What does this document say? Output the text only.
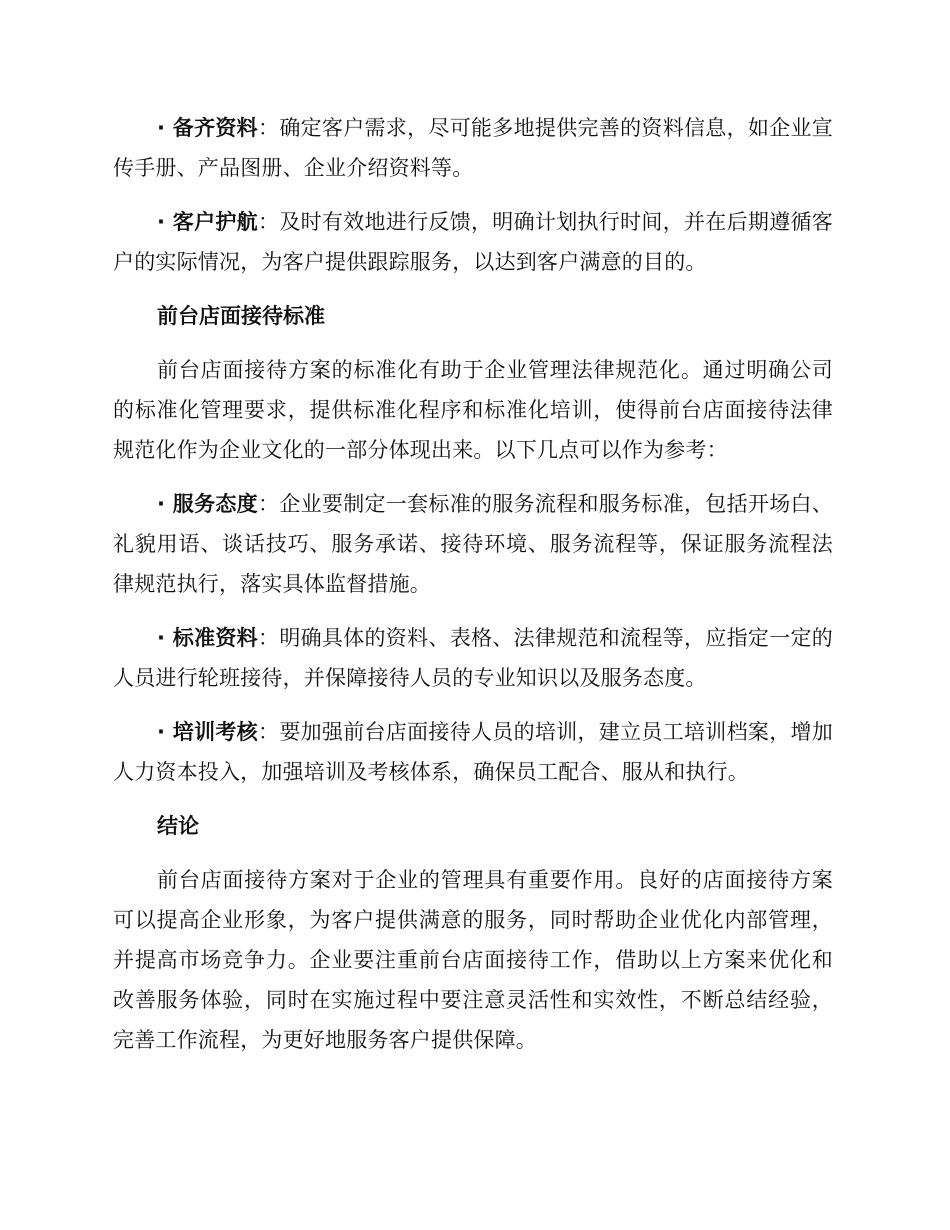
· 备齐资料：确定客户需求，尽可能多地提供完善的资料信息，如企业宣传手册、产品图册、企业介绍资料等。

· 客户护航：及时有效地进行反馈，明确计划执行时间，并在后期遵循客户的实际情况，为客户提供跟踪服务，以达到客户满意的目的。

前台店面接待标准

前台店面接待方案的标准化有助于企业管理法律规范化。通过明确公司的标准化管理要求，提供标准化程序和标准化培训，使得前台店面接待法律规范化作为企业文化的一部分体现出来。以下几点可以作为参考：

· 服务态度：企业要制定一套标准的服务流程和服务标准，包括开场白、礼貌用语、谈话技巧、服务承诺、接待环境、服务流程等，保证服务流程法律规范执行，落实具体监督措施。

· 标准资料：明确具体的资料、表格、法律规范和流程等，应指定一定的人员进行轮班接待，并保障接待人员的专业知识以及服务态度。

· 培训考核：要加强前台店面接待人员的培训，建立员工培训档案，增加人力资本投入，加强培训及考核体系，确保员工配合、服从和执行。

结论

前台店面接待方案对于企业的管理具有重要作用。良好的店面接待方案可以提高企业形象，为客户提供满意的服务，同时帮助企业优化内部管理，并提高市场竞争力。企业要注重前台店面接待工作，借助以上方案来优化和改善服务体验，同时在实施过程中要注意灵活性和实效性，不断总结经验，完善工作流程，为更好地服务客户提供保障。
